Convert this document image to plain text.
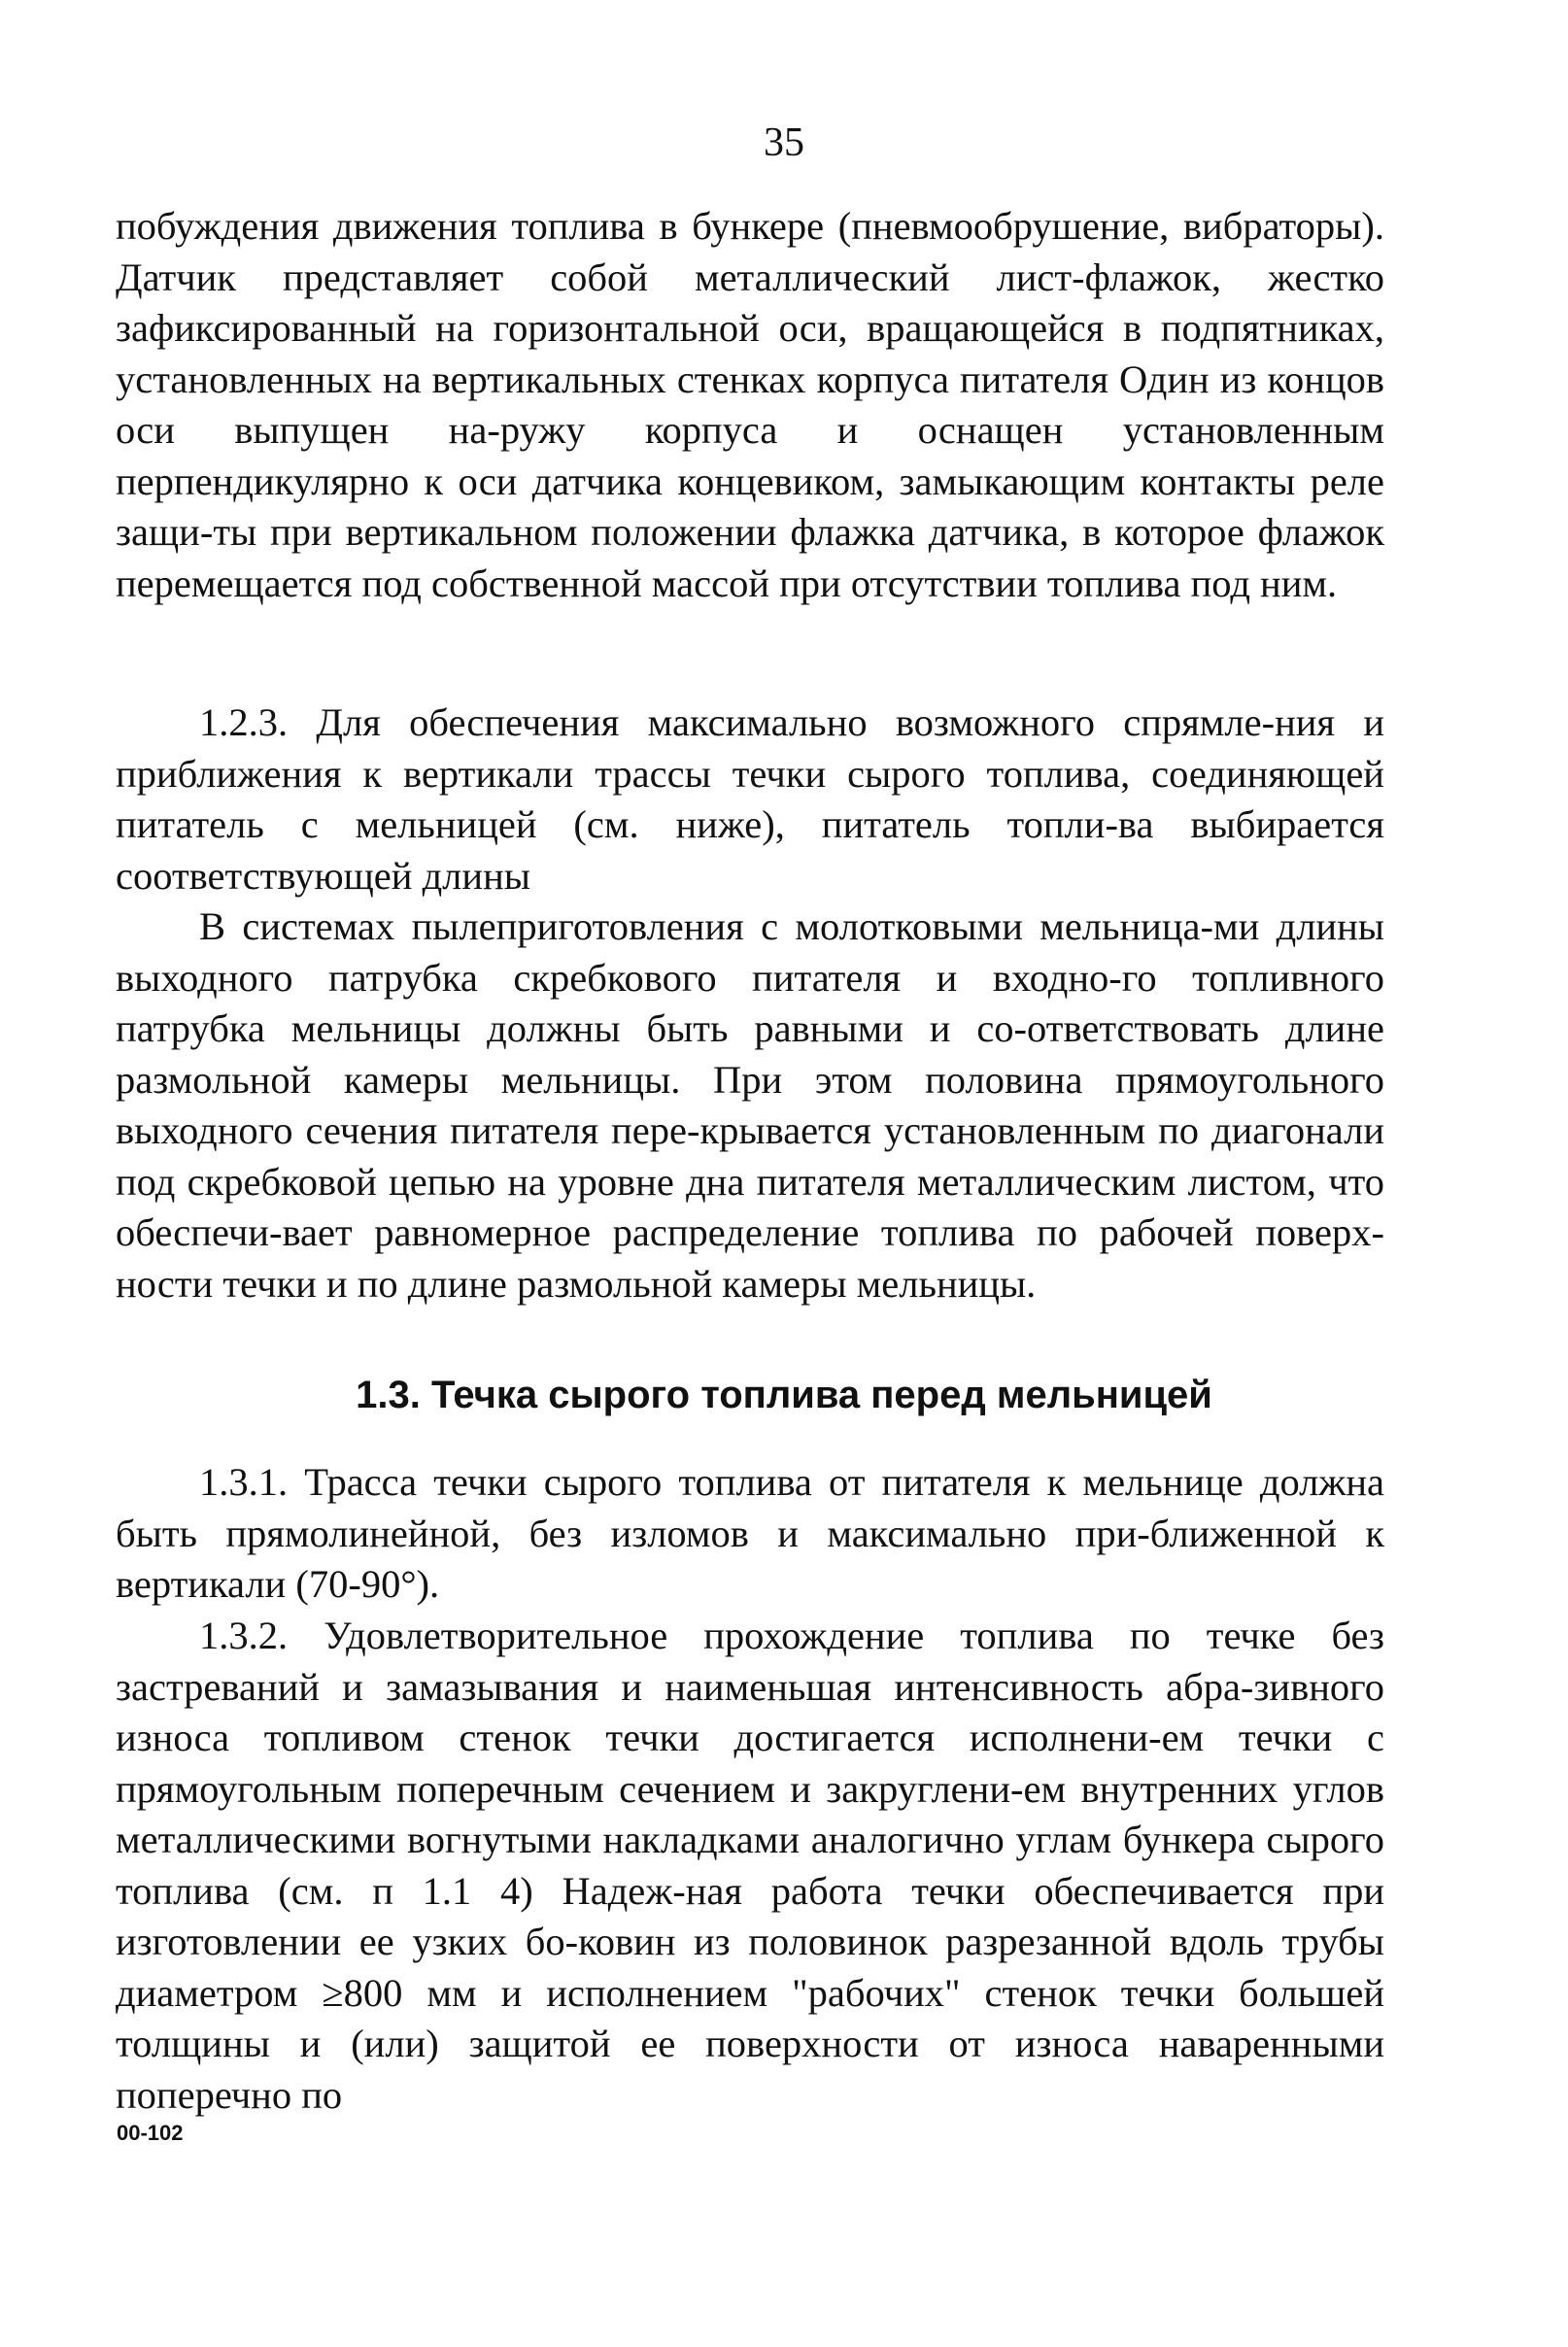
35
побуждения движения топлива в бункере (пневмообрушение, вибраторы). Датчик представляет собой металлический лист-флажок, жестко зафиксированный на горизонтальной оси, вращающейся в подпятниках, установленных на вертикальных стенках корпуса питателя Один из концов оси выпущен на-ружу корпуса и оснащен установленным перпендикулярно к оси датчика концевиком, замыкающим контакты реле защи-ты при вертикальном положении флажка датчика, в которое флажок перемещается под собственной массой при отсутствии топлива под ним.
1.2.3. Для обеспечения максимально возможного спрямле-ния и приближения к вертикали трассы течки сырого топлива, соединяющей питатель с мельницей (см. ниже), питатель топли-ва выбирается соответствующей длины
В системах пылеприготовления с молотковыми мельница-ми длины выходного патрубка скребкового питателя и входно-го топливного патрубка мельницы должны быть равными и со-ответствовать длине размольной камеры мельницы. При этом половина прямоугольного выходного сечения питателя пере-крывается установленным по диагонали под скребковой цепью на уровне дна питателя металлическим листом, что обеспечи-вает равномерное распределение топлива по рабочей поверх-ности течки и по длине размольной камеры мельницы.
1.3. Течка сырого топлива перед мельницей
1.3.1. Трасса течки сырого топлива от питателя к мельнице должна быть прямолинейной, без изломов и максимально при-ближенной к вертикали (70-90°).
1.3.2. Удовлетворительное прохождение топлива по течке без застреваний и замазывания и наименьшая интенсивность абра-зивного износа топливом стенок течки достигается исполнени-ем течки с прямоугольным поперечным сечением и закруглени-ем внутренних углов металлическими вогнутыми накладками аналогично углам бункера сырого топлива (см. п 1.1 4) Надеж-ная работа течки обеспечивается при изготовлении ее узких бо-ковин из половинок разрезанной вдоль трубы диаметром ≥800 мм и исполнением "рабочих" стенок течки большей толщины и (или) защитой ее поверхности от износа наваренными поперечно по
00-102
